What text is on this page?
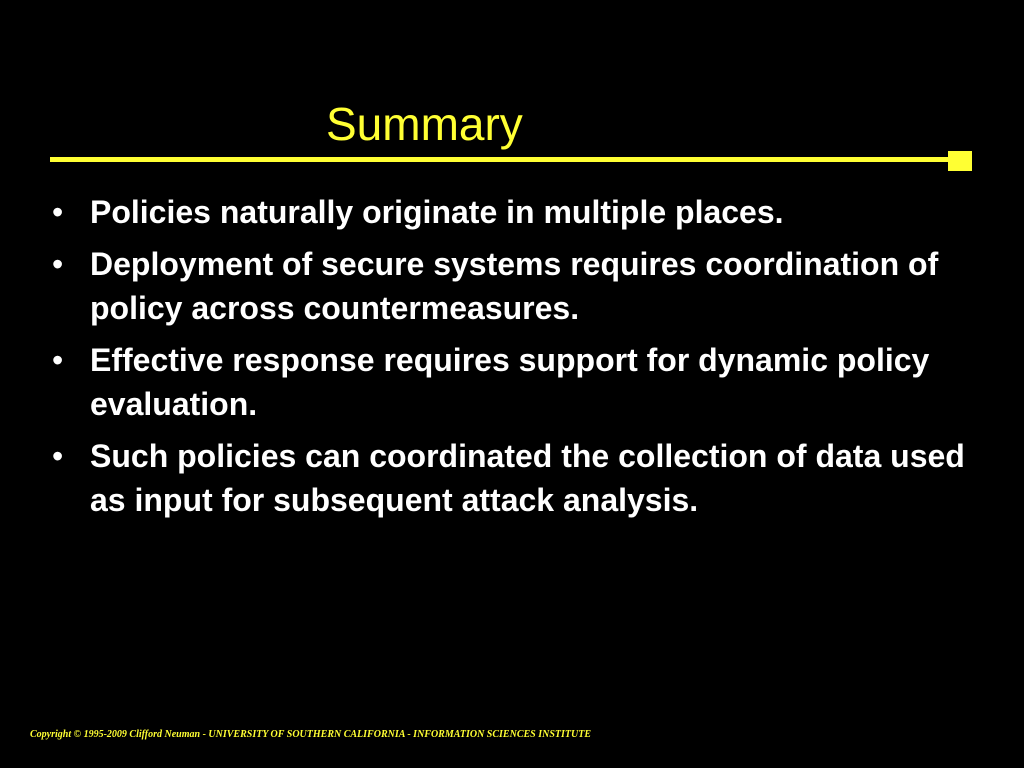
Summary
• Policies naturally originate in multiple places.
• Deployment of secure systems requires coordination of policy across countermeasures.
• Effective response requires support for dynamic policy evaluation.
• Such policies can coordinated the collection of data used as input for subsequent attack analysis.
Copyright © 1995-2009 Clifford Neuman - UNIVERSITY OF SOUTHERN CALIFORNIA - INFORMATION SCIENCES INSTITUTE
